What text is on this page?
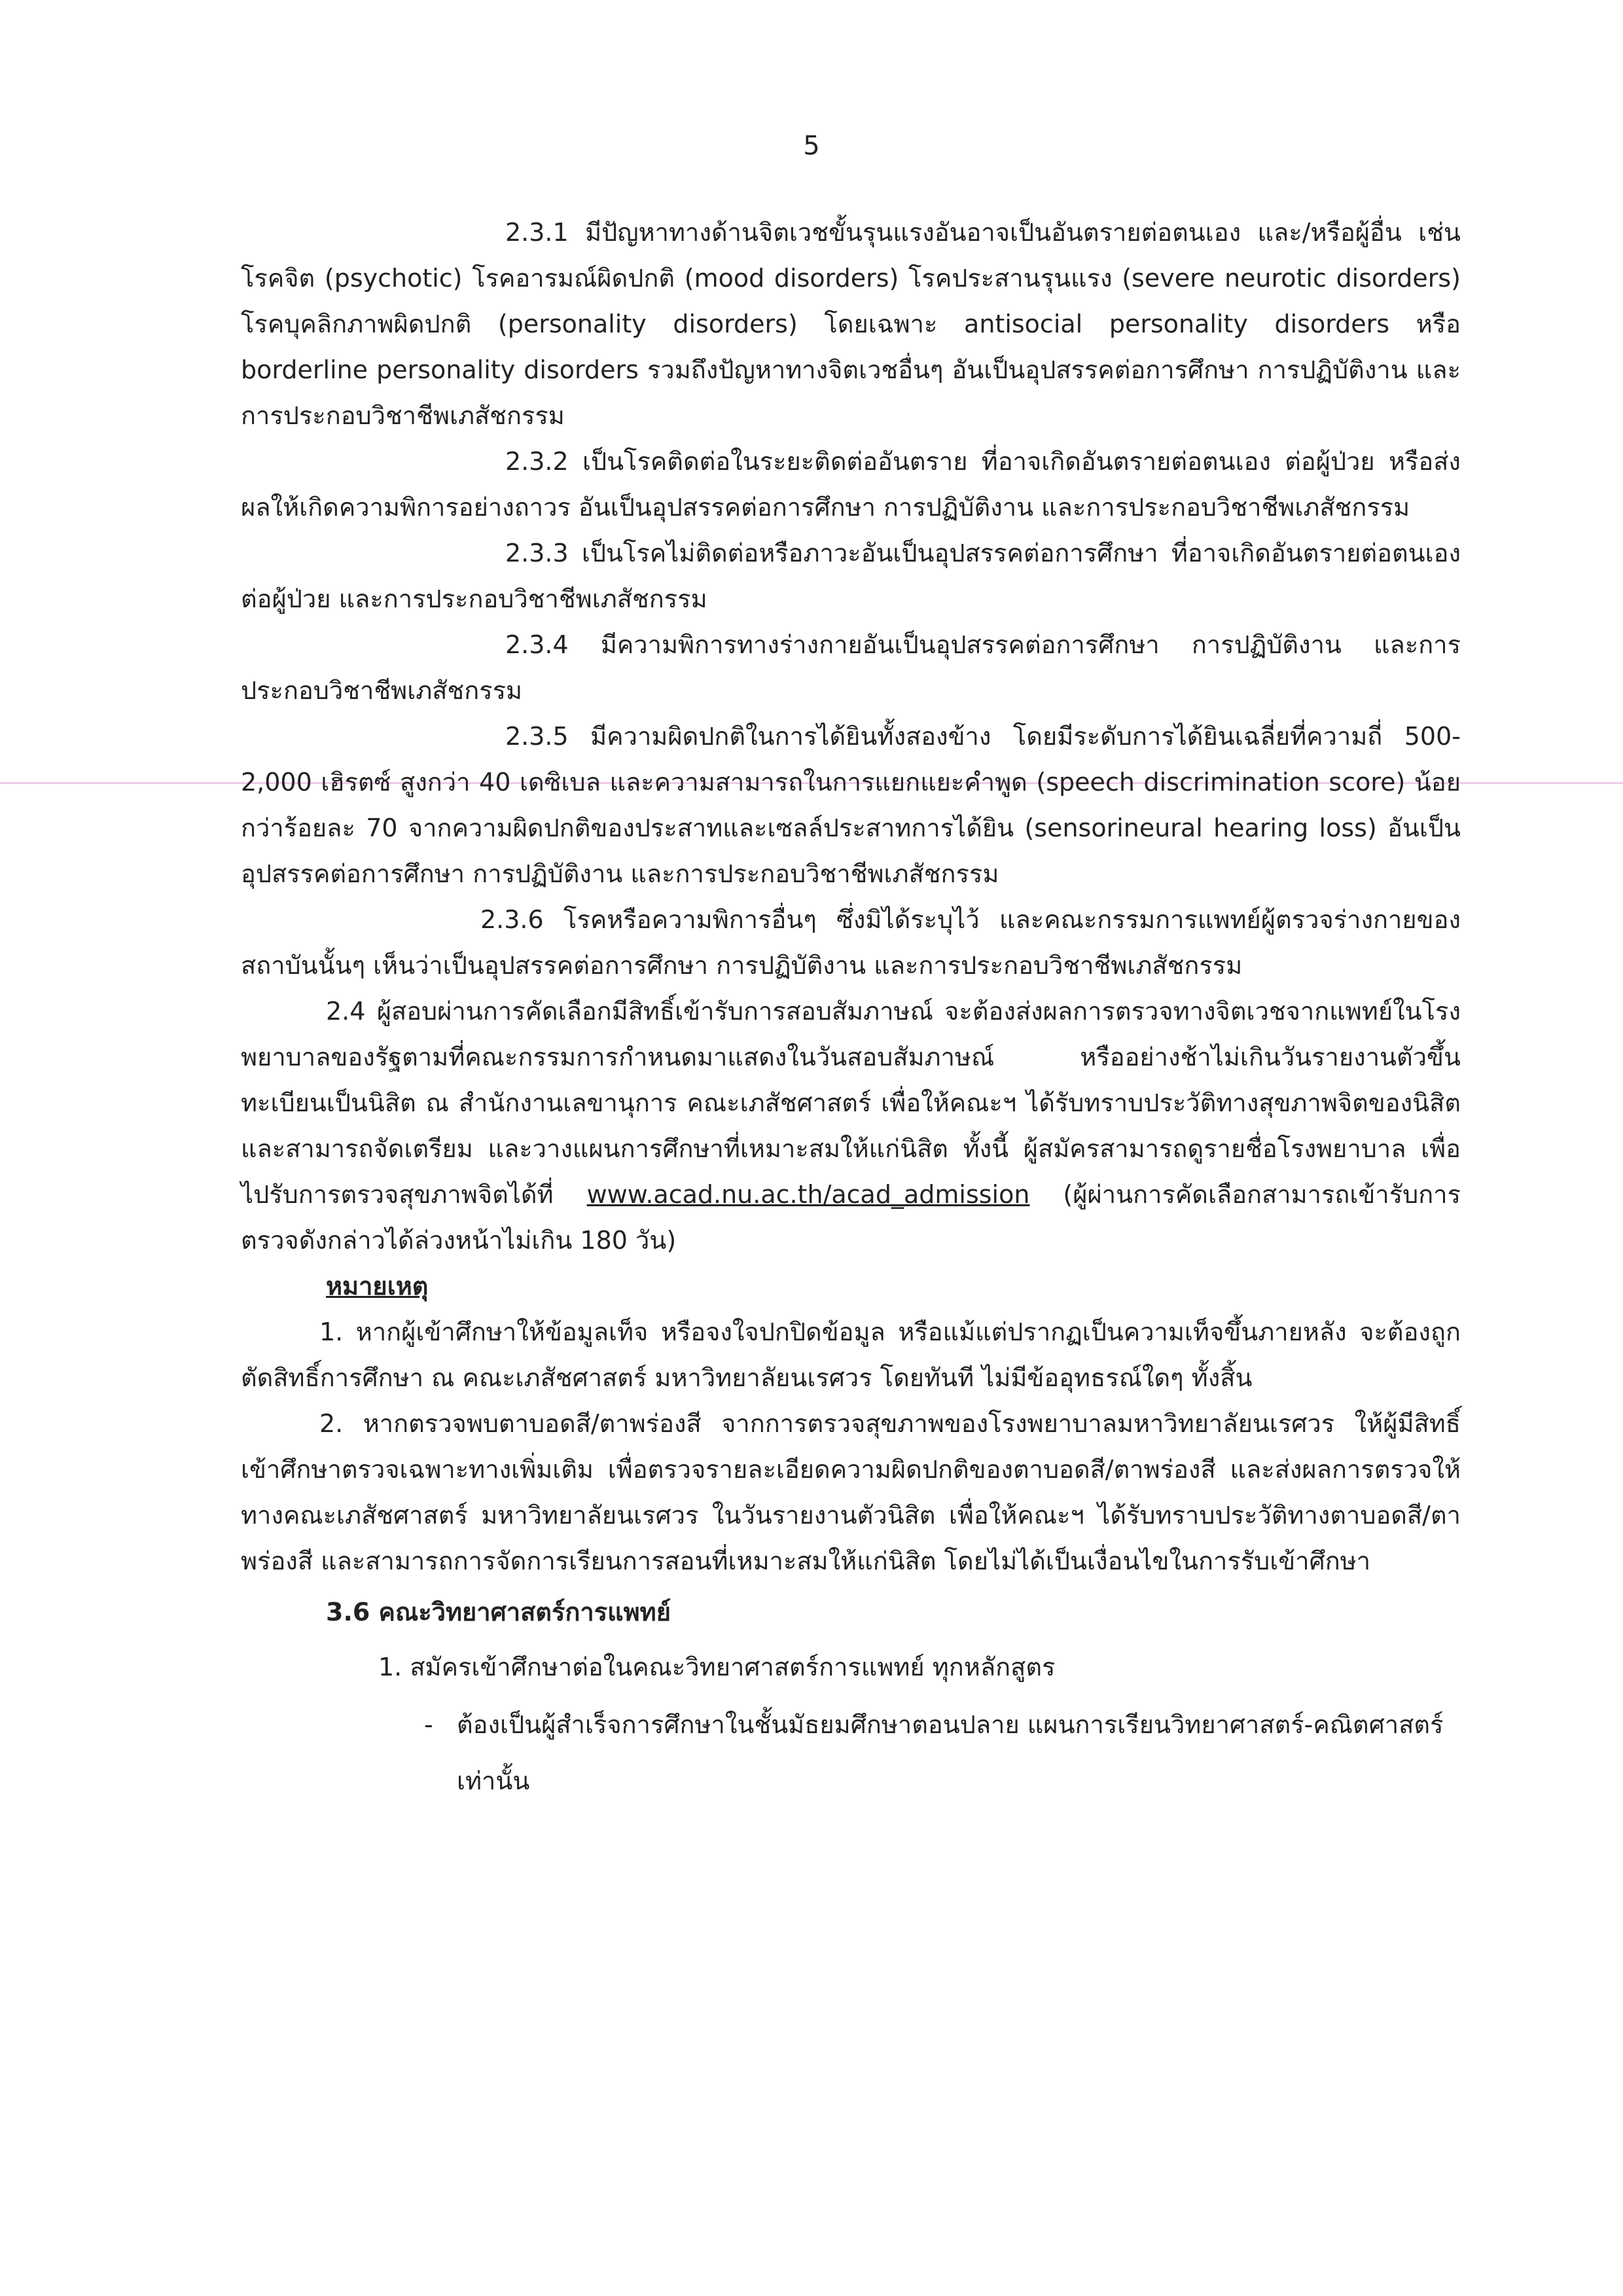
5

2.3.1 มีปัญหาทางด้านจิตเวชขั้นรุนแรงอันอาจเป็นอันตรายต่อตนเอง และ/หรือผู้อื่น เช่น โรคจิต (psychotic) โรคอารมณ์ผิดปกติ (mood disorders) โรคประสานรุนแรง (severe neurotic disorders) โรคบุคลิกภาพผิดปกติ (personality disorders) โดยเฉพาะ antisocial personality disorders หรือ borderline personality disorders รวมถึงปัญหาทางจิตเวชอื่นๆ อันเป็นอุปสรรคต่อการศึกษา การปฏิบัติงาน และการประกอบวิชาชีพเภสัชกรรม

2.3.2 เป็นโรคติดต่อในระยะติดต่ออันตราย ที่อาจเกิดอันตรายต่อตนเอง ต่อผู้ป่วย หรือส่งผลให้เกิดความพิการอย่างถาวร อันเป็นอุปสรรคต่อการศึกษา การปฏิบัติงาน และการประกอบวิชาชีพเภสัชกรรม

2.3.3 เป็นโรคไม่ติดต่อหรือภาวะอันเป็นอุปสรรคต่อการศึกษา ที่อาจเกิดอันตรายต่อตนเอง ต่อผู้ป่วย และการประกอบวิชาชีพเภสัชกรรม

2.3.4 มีความพิการทางร่างกายอันเป็นอุปสรรคต่อการศึกษา การปฏิบัติงาน และการประกอบวิชาชีพเภสัชกรรม

2.3.5 มีความผิดปกติในการได้ยินทั้งสองข้าง โดยมีระดับการได้ยินเฉลี่ยที่ความถี่ 500-2,000 เฮิรตซ์ สูงกว่า 40 เดซิเบล และความสามารถในการแยกแยะคำพูด (speech discrimination score) น้อยกว่าร้อยละ 70 จากความผิดปกติของประสาทและเซลล์ประสาทการได้ยิน (sensorineural hearing loss) อันเป็นอุปสรรคต่อการศึกษา การปฏิบัติงาน และการประกอบวิชาชีพเภสัชกรรม

2.3.6 โรคหรือความพิการอื่นๆ ซึ่งมิได้ระบุไว้ และคณะกรรมการแพทย์ผู้ตรวจร่างกายของสถาบันนั้นๆ เห็นว่าเป็นอุปสรรคต่อการศึกษา การปฏิบัติงาน และการประกอบวิชาชีพเภสัชกรรม

2.4 ผู้สอบผ่านการคัดเลือกมีสิทธิ์เข้ารับการสอบสัมภาษณ์ จะต้องส่งผลการตรวจทางจิตเวชจากแพทย์ในโรงพยาบาลของรัฐตามที่คณะกรรมการกำหนดมาแสดงในวันสอบสัมภาษณ์ หรืออย่างช้าไม่เกินวันรายงานตัวขึ้นทะเบียนเป็นนิสิต ณ สำนักงานเลขานุการ คณะเภสัชศาสตร์ เพื่อให้คณะฯ ได้รับทราบประวัติทางสุขภาพจิตของนิสิต และสามารถจัดเตรียม และวางแผนการศึกษาที่เหมาะสมให้แก่นิสิต ทั้งนี้ ผู้สมัครสามารถดูรายชื่อโรงพยาบาล เพื่อไปรับการตรวจสุขภาพจิตได้ที่ www.acad.nu.ac.th/acad_admission (ผู้ผ่านการคัดเลือกสามารถเข้ารับการตรวจดังกล่าวได้ล่วงหน้าไม่เกิน 180 วัน)

หมายเหตุ

1. หากผู้เข้าศึกษาให้ข้อมูลเท็จ หรือจงใจปกปิดข้อมูล หรือแม้แต่ปรากฏเป็นความเท็จขึ้นภายหลัง จะต้องถูกตัดสิทธิ์การศึกษา ณ คณะเภสัชศาสตร์ มหาวิทยาลัยนเรศวร โดยทันที ไม่มีข้ออุทธรณ์ใดๆ ทั้งสิ้น

2. หากตรวจพบตาบอดสี/ตาพร่องสี จากการตรวจสุขภาพของโรงพยาบาลมหาวิทยาลัยนเรศวร ให้ผู้มีสิทธิ์เข้าศึกษาตรวจเฉพาะทางเพิ่มเติม เพื่อตรวจรายละเอียดความผิดปกติของตาบอดสี/ตาพร่องสี และส่งผลการตรวจให้ทางคณะเภสัชศาสตร์ มหาวิทยาลัยนเรศวร ในวันรายงานตัวนิสิต เพื่อให้คณะฯ ได้รับทราบประวัติทางตาบอดสี/ตาพร่องสี และสามารถการจัดการเรียนการสอนที่เหมาะสมให้แก่นิสิต โดยไม่ได้เป็นเงื่อนไขในการรับเข้าศึกษา

3.6 คณะวิทยาศาสตร์การแพทย์

1. สมัครเข้าศึกษาต่อในคณะวิทยาศาสตร์การแพทย์ ทุกหลักสูตร

- ต้องเป็นผู้สำเร็จการศึกษาในชั้นมัธยมศึกษาตอนปลาย แผนการเรียนวิทยาศาสตร์-คณิตศาสตร์ เท่านั้น
